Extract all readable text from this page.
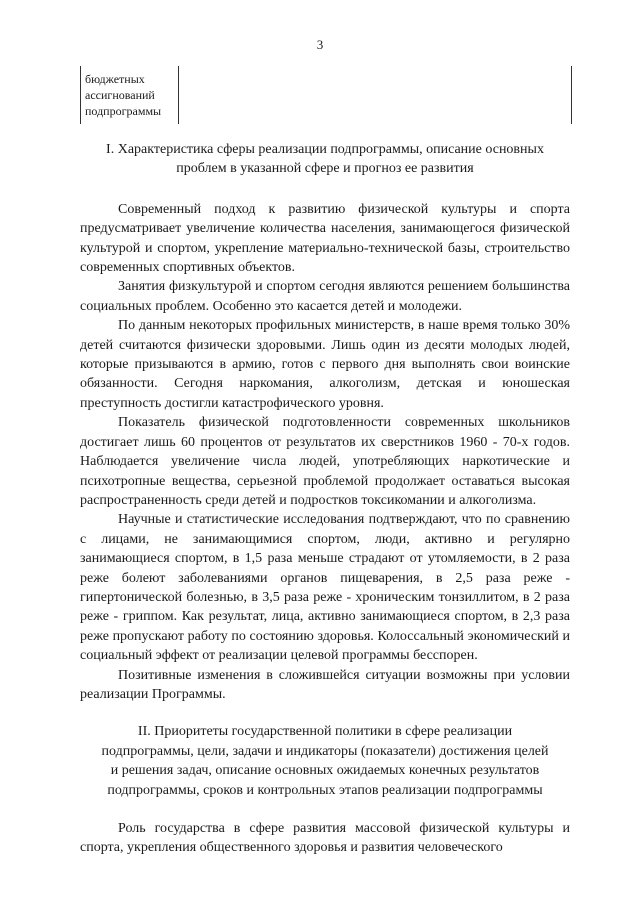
3
бюджетных
ассигнований
подпрограммы
I. Характеристика сферы реализации подпрограммы, описание основных проблем в указанной сфере и прогноз ее развития

Современный подход к развитию физической культуры и спорта предусматривает увеличение количества населения, занимающегося физической культурой и спортом, укрепление материально-технической базы, строительство современных спортивных объектов.

Занятия физкультурой и спортом сегодня являются решением большинства социальных проблем. Особенно это касается детей и молодежи.

По данным некоторых профильных министерств, в наше время только 30% детей считаются физически здоровыми. Лишь один из десяти молодых людей, которые призываются в армию, готов с первого дня выполнять свои воинские обязанности. Сегодня наркомания, алкоголизм, детская и юношеская преступность достигли катастрофического уровня.

Показатель физической подготовленности современных школьников достигает лишь 60 процентов от результатов их сверстников 1960 - 70-х годов. Наблюдается увеличение числа людей, употребляющих наркотические и психотропные вещества, серьезной проблемой продолжает оставаться высокая распространенность среди детей и подростков токсикомании и алкоголизма.

Научные и статистические исследования подтверждают, что по сравнению с лицами, не занимающимися спортом, люди, активно и регулярно занимающиеся спортом, в 1,5 раза меньше страдают от утомляемости, в 2 раза реже болеют заболеваниями органов пищеварения, в 2,5 раза реже - гипертонической болезнью, в 3,5 раза реже - хроническим тонзиллитом, в 2 раза реже - гриппом. Как результат, лица, активно занимающиеся спортом, в 2,3 раза реже пропускают работу по состоянию здоровья. Колоссальный экономический и социальный эффект от реализации целевой программы бесспорен.

Позитивные изменения в сложившейся ситуации возможны при условии реализации Программы.

II. Приоритеты государственной политики в сфере реализации подпрограммы, цели, задачи и индикаторы (показатели) достижения целей и решения задач, описание основных ожидаемых конечных результатов подпрограммы, сроков и контрольных этапов реализации подпрограммы

Роль государства в сфере развития массовой физической культуры и спорта, укрепления общественного здоровья и развития человеческого
